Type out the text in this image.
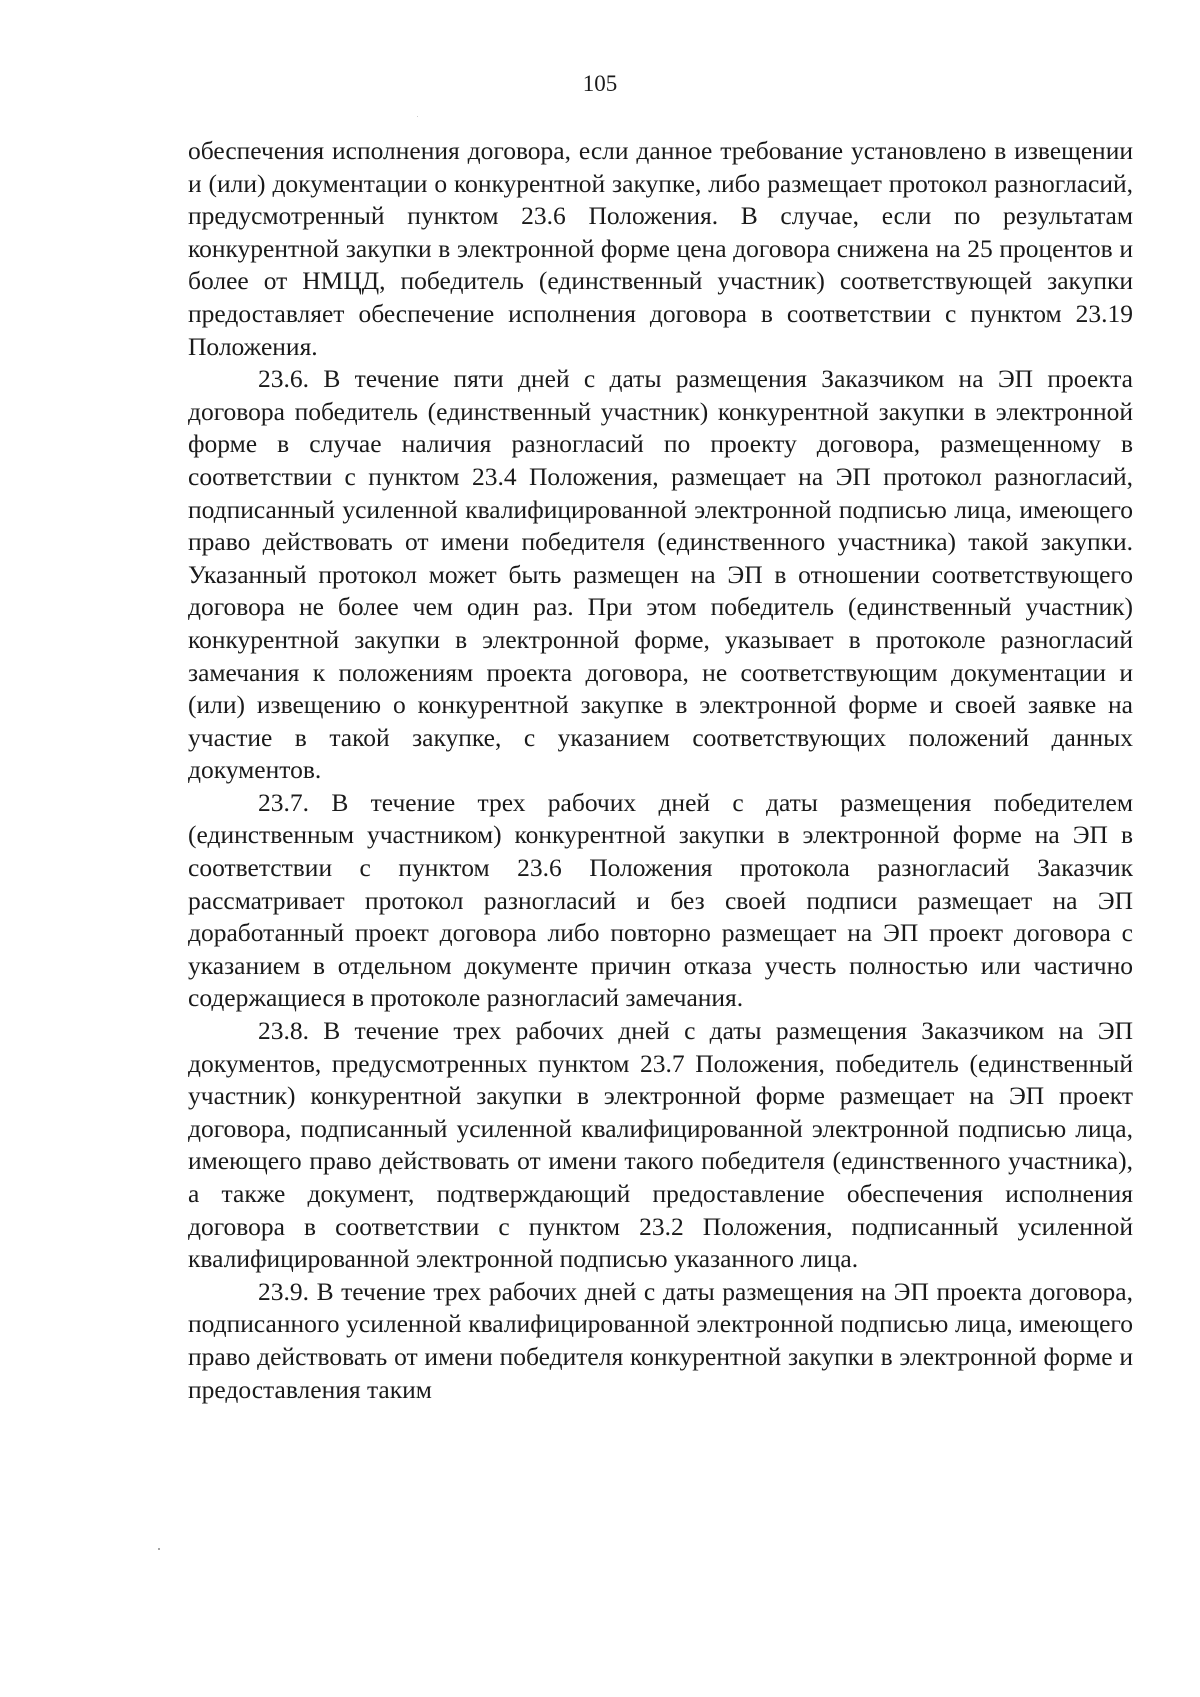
105

обеспечения исполнения договора, если данное требование установлено в извещении и (или) документации о конкурентной закупке, либо размещает протокол разногласий, предусмотренный пунктом 23.6 Положения. В случае, если по результатам конкурентной закупки в электронной форме цена договора снижена на 25 процентов и более от НМЦД, победитель (единственный участник) соответствующей закупки предоставляет обеспечение исполнения договора в соответствии с пунктом 23.19 Положения.

23.6. В течение пяти дней с даты размещения Заказчиком на ЭП проекта договора победитель (единственный участник) конкурентной закупки в электронной форме в случае наличия разногласий по проекту договора, размещенному в соответствии с пунктом 23.4 Положения, размещает на ЭП протокол разногласий, подписанный усиленной квалифицированной электронной подписью лица, имеющего право действовать от имени победителя (единственного участника) такой закупки. Указанный протокол может быть размещен на ЭП в отношении соответствующего договора не более чем один раз. При этом победитель (единственный участник) конкурентной закупки в электронной форме, указывает в протоколе разногласий замечания к положениям проекта договора, не соответствующим документации и (или) извещению о конкурентной закупке в электронной форме и своей заявке на участие в такой закупке, с указанием соответствующих положений данных документов.

23.7. В течение трех рабочих дней с даты размещения победителем (единственным участником) конкурентной закупки в электронной форме на ЭП в соответствии с пунктом 23.6 Положения протокола разногласий Заказчик рассматривает протокол разногласий и без своей подписи размещает на ЭП доработанный проект договора либо повторно размещает на ЭП проект договора с указанием в отдельном документе причин отказа учесть полностью или частично содержащиеся в протоколе разногласий замечания.

23.8. В течение трех рабочих дней с даты размещения Заказчиком на ЭП документов, предусмотренных пунктом 23.7 Положения, победитель (единственный участник) конкурентной закупки в электронной форме размещает на ЭП проект договора, подписанный усиленной квалифицированной электронной подписью лица, имеющего право действовать от имени такого победителя (единственного участника), а также документ, подтверждающий предоставление обеспечения исполнения договора в соответствии с пунктом 23.2 Положения, подписанный усиленной квалифицированной электронной подписью указанного лица.

23.9. В течение трех рабочих дней с даты размещения на ЭП проекта договора, подписанного усиленной квалифицированной электронной подписью лица, имеющего право действовать от имени победителя конкурентной закупки в электронной форме и предоставления таким
